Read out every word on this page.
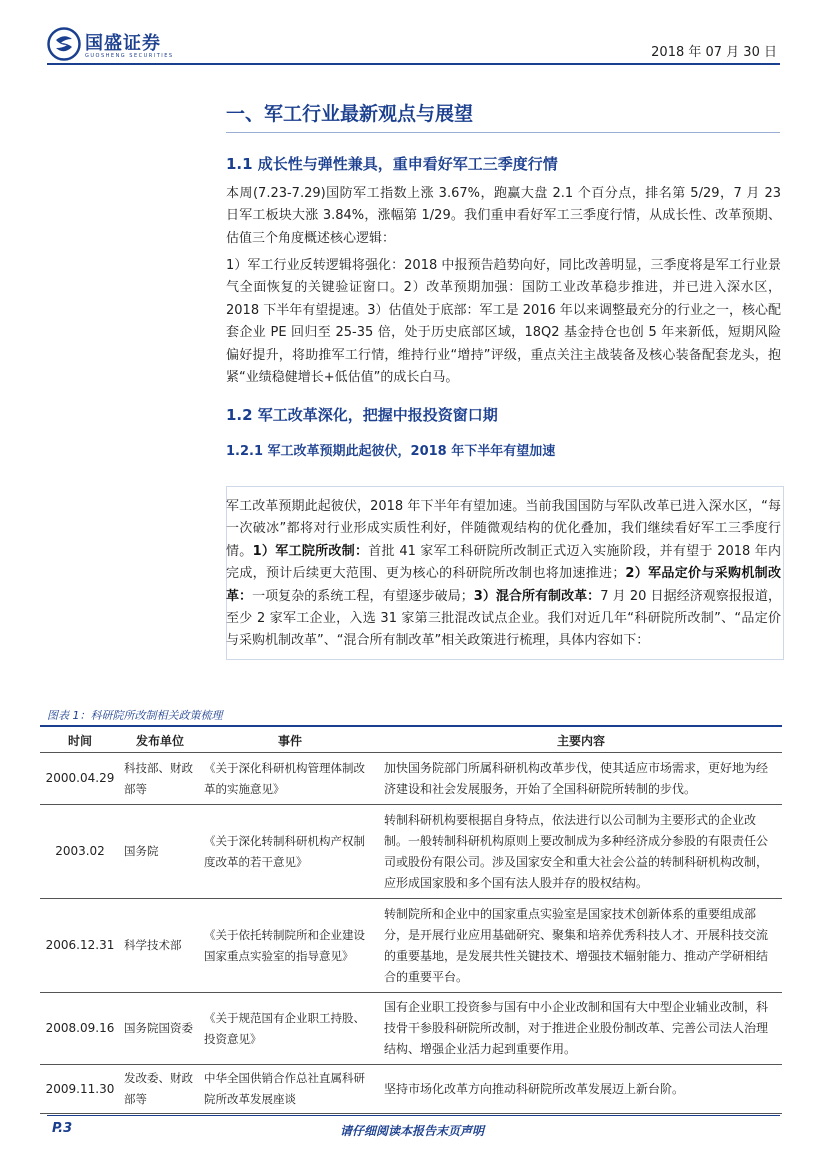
国盛证券
GUOSHENG SECURITIES	2018 年 07 月 30 日
一、军工行业最新观点与展望
1.1 成长性与弹性兼具，重申看好军工三季度行情
本周(7.23-7.29)国防军工指数上涨 3.67%，跑赢大盘 2.1 个百分点，排名第 5/29，7 月 23 日军工板块大涨 3.84%，涨幅第 1/29。我们重申看好军工三季度行情，从成长性、改革预期、估值三个角度概述核心逻辑：
1）军工行业反转逻辑将强化：2018 中报预告趋势向好，同比改善明显，三季度将是军工行业景气全面恢复的关键验证窗口。2）改革预期加强：国防工业改革稳步推进，并已进入深水区，2018 下半年有望提速。3）估值处于底部：军工是 2016 年以来调整最充分的行业之一，核心配套企业 PE 回归至 25-35 倍，处于历史底部区域，18Q2 基金持仓也创 5 年来新低，短期风险偏好提升，将助推军工行情，维持行业“增持”评级，重点关注主战装备及核心装备配套龙头，抱紧“业绩稳健增长+低估值”的成长白马。
1.2 军工改革深化，把握中报投资窗口期
1.2.1 军工改革预期此起彼伏，2018 年下半年有望加速
军工改革预期此起彼伏，2018 年下半年有望加速。当前我国国防与军队改革已进入深水区，“每一次破冰”都将对行业形成实质性利好，伴随微观结构的优化叠加，我们继续看好军工三季度行情。1）军工院所改制：首批 41 家军工科研院所改制正式迈入实施阶段，并有望于 2018 年内完成，预计后续更大范围、更为核心的科研院所改制也将加速推进；2）军品定价与采购机制改革：一项复杂的系统工程，有望逐步破局；3）混合所有制改革：7 月 20 日据经济观察报报道，至少 2 家军工企业，入选 31 家第三批混改试点企业。我们对近几年“科研院所改制”、“品定价与采购机制改革”、“混合所有制改革”相关政策进行梳理，具体内容如下：
图表 1：科研院所改制相关政策梳理
时间	发布单位	事件	主要内容
2000.04.29	科技部、财政部等	《关于深化科研机构管理体制改革的实施意见》	加快国务院部门所属科研机构改革步伐，使其适应市场需求，更好地为经济建设和社会发展服务，开始了全国科研院所转制的步伐。
2003.02	国务院	《关于深化转制科研机构产权制度改革的若干意见》	转制科研机构要根据自身特点，依法进行以公司制为主要形式的企业改制。一般转制科研机构原则上要改制成为多种经济成分参股的有限责任公司或股份有限公司。涉及国家安全和重大社会公益的转制科研机构改制，应形成国家股和多个国有法人股并存的股权结构。
2006.12.31	科学技术部	《关于依托转制院所和企业建设国家重点实验室的指导意见》	转制院所和企业中的国家重点实验室是国家技术创新体系的重要组成部分，是开展行业应用基础研究、聚集和培养优秀科技人才、开展科技交流的重要基地，是发展共性关键技术、增强技术辐射能力、推动产学研相结合的重要平台。
2008.09.16	国务院国资委	《关于规范国有企业职工持股、投资意见》	国有企业职工投资参与国有中小企业改制和国有大中型企业辅业改制，科技骨干参股科研院所改制，对于推进企业股份制改革、完善公司法人治理结构、增强企业活力起到重要作用。
2009.11.30	发改委、财政部等	中华全国供销合作总社直属科研院所改革发展座谈	坚持市场化改革方向推动科研院所改革发展迈上新台阶。
P.3	请仔细阅读本报告末页声明
